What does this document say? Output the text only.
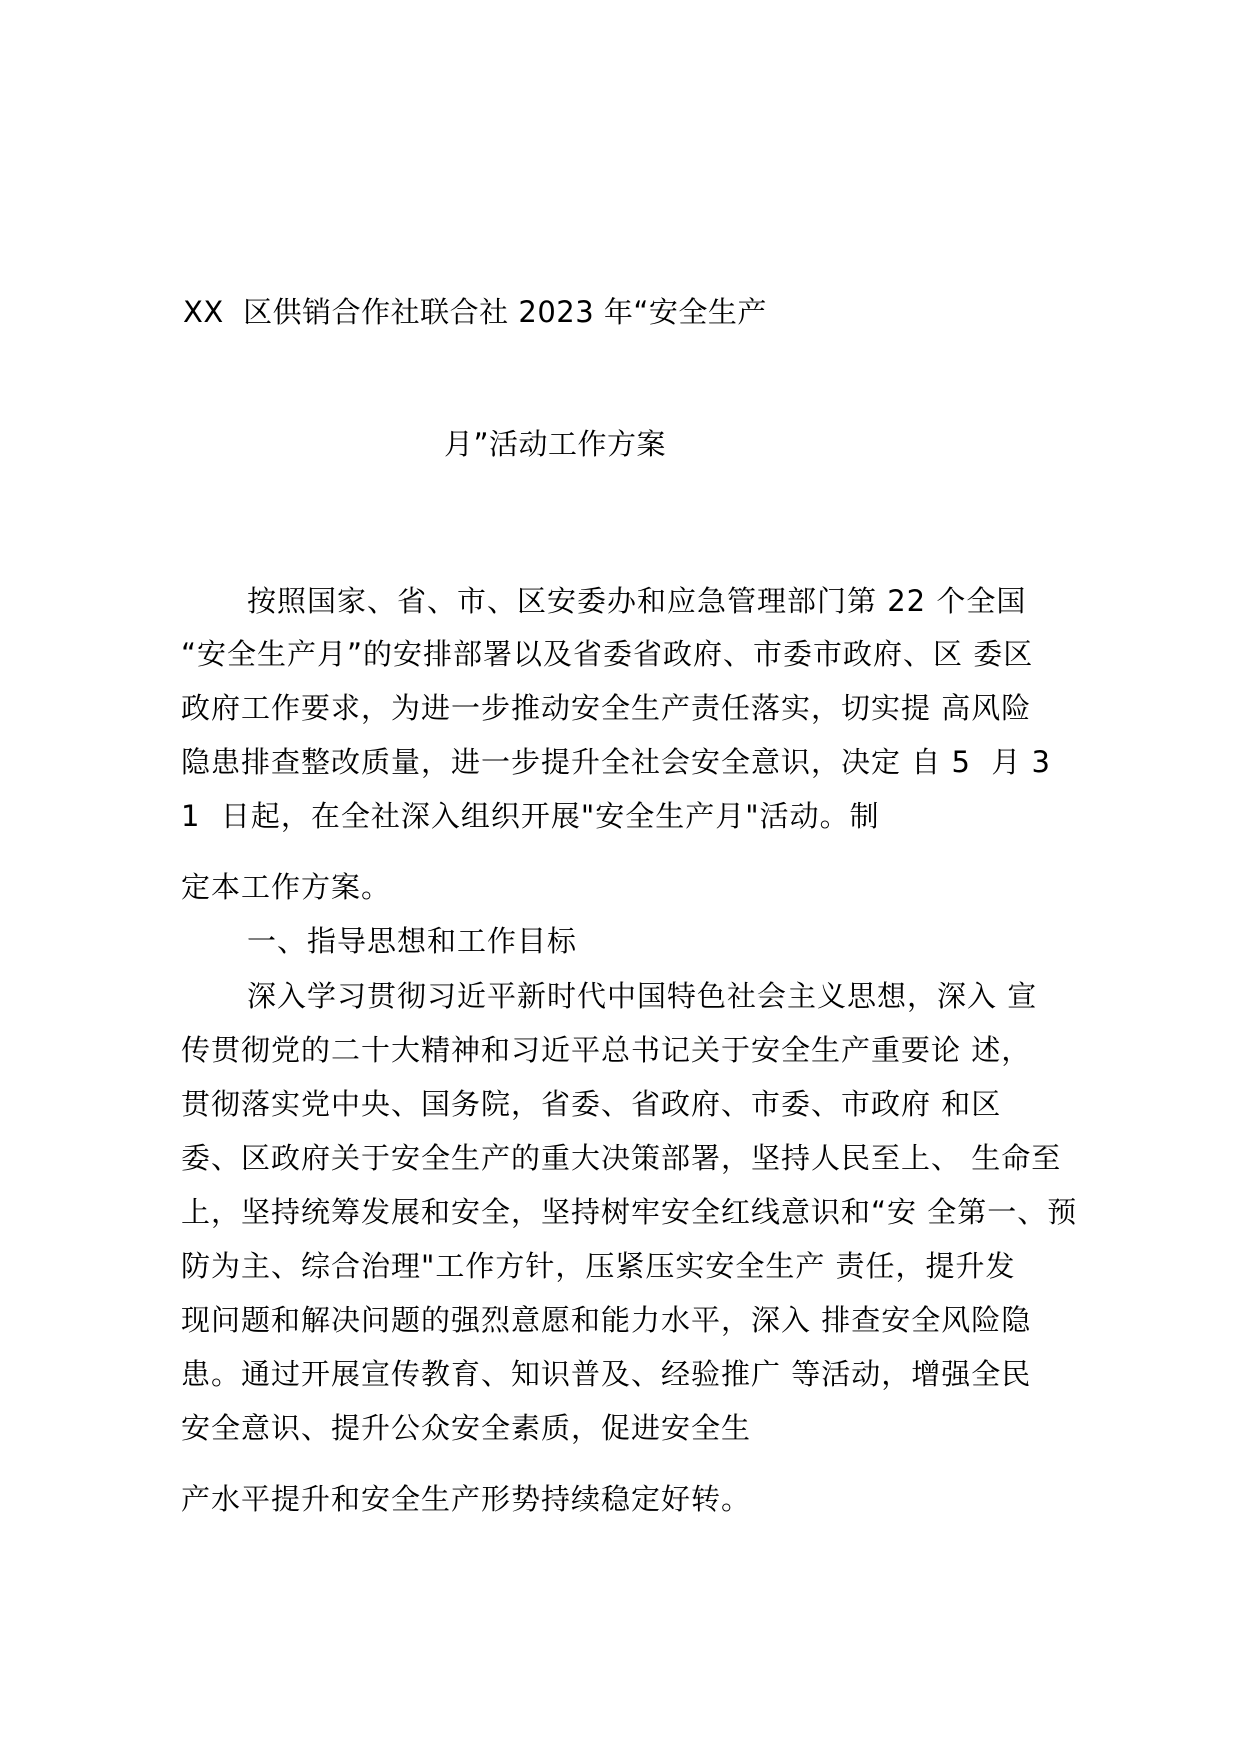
XX  区供销合作社联合社 2023 年“安全生产
月”活动工作方案
按照国家、省、市、区安委办和应急管理部门第 22 个全国
“安全生产月”的安排部署以及省委省政府、市委市政府、区 委区
政府工作要求，为进一步推动安全生产责任落实，切实提 高风险
隐患排查整改质量，进一步提升全社会安全意识，决定 自 5  月 3
1  日起，在全社深入组织开展"安全生产月"活动。制
定本工作方案。
一、指导思想和工作目标
深入学习贯彻习近平新时代中国特色社会主义思想，深入 宣
传贯彻党的二十大精神和习近平总书记关于安全生产重要论 述，
贯彻落实党中央、国务院，省委、省政府、市委、市政府 和区
委、区政府关于安全生产的重大决策部署，坚持人民至上、 生命至
上，坚持统筹发展和安全，坚持树牢安全红线意识和“安 全第一、预
防为主、综合治理"工作方针，压紧压实安全生产 责任，提升发
现问题和解决问题的强烈意愿和能力水平，深入 排查安全风险隐
患。通过开展宣传教育、知识普及、经验推广 等活动，增强全民
安全意识、提升公众安全素质，促进安全生
产水平提升和安全生产形势持续稳定好转。
